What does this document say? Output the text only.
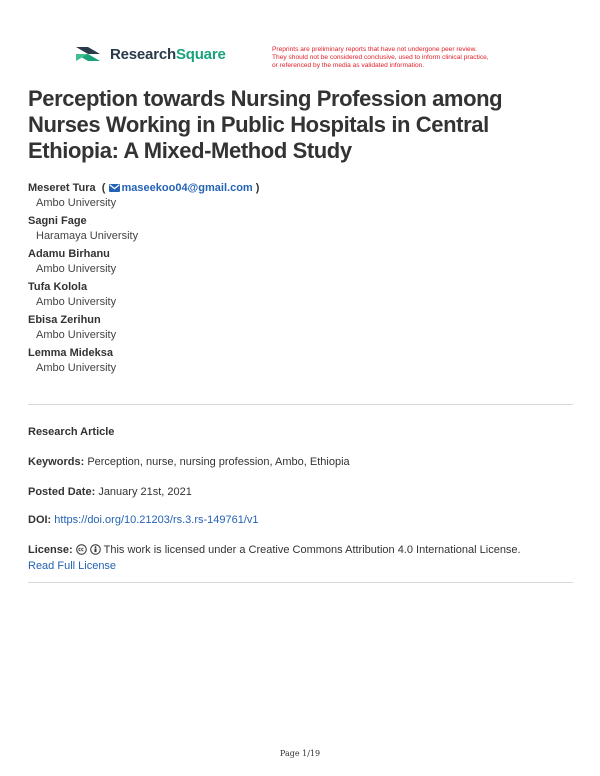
ResearchSquare	Preprints are preliminary reports that have not undergone peer review.
They should not be considered conclusive, used to inform clinical practice,
or referenced by the media as validated information.
Perception towards Nursing Profession among Nurses Working in Public Hospitals in Central Ethiopia: A Mixed-Method Study
Meseret Tura  ( maseekoo04@gmail.com )
Ambo University
Sagni Fage
Haramaya University
Adamu Birhanu
Ambo University
Tufa Kolola
Ambo University
Ebisa Zerihun
Ambo University
Lemma Mideksa
Ambo University
Research Article
Keywords: Perception, nurse, nursing profession, Ambo, Ethiopia
Posted Date: January 21st, 2021
DOI: https://doi.org/10.21203/rs.3.rs-149761/v1
License:	This work is licensed under a Creative Commons Attribution 4.0 International License.
Read Full License
Page 1/19
